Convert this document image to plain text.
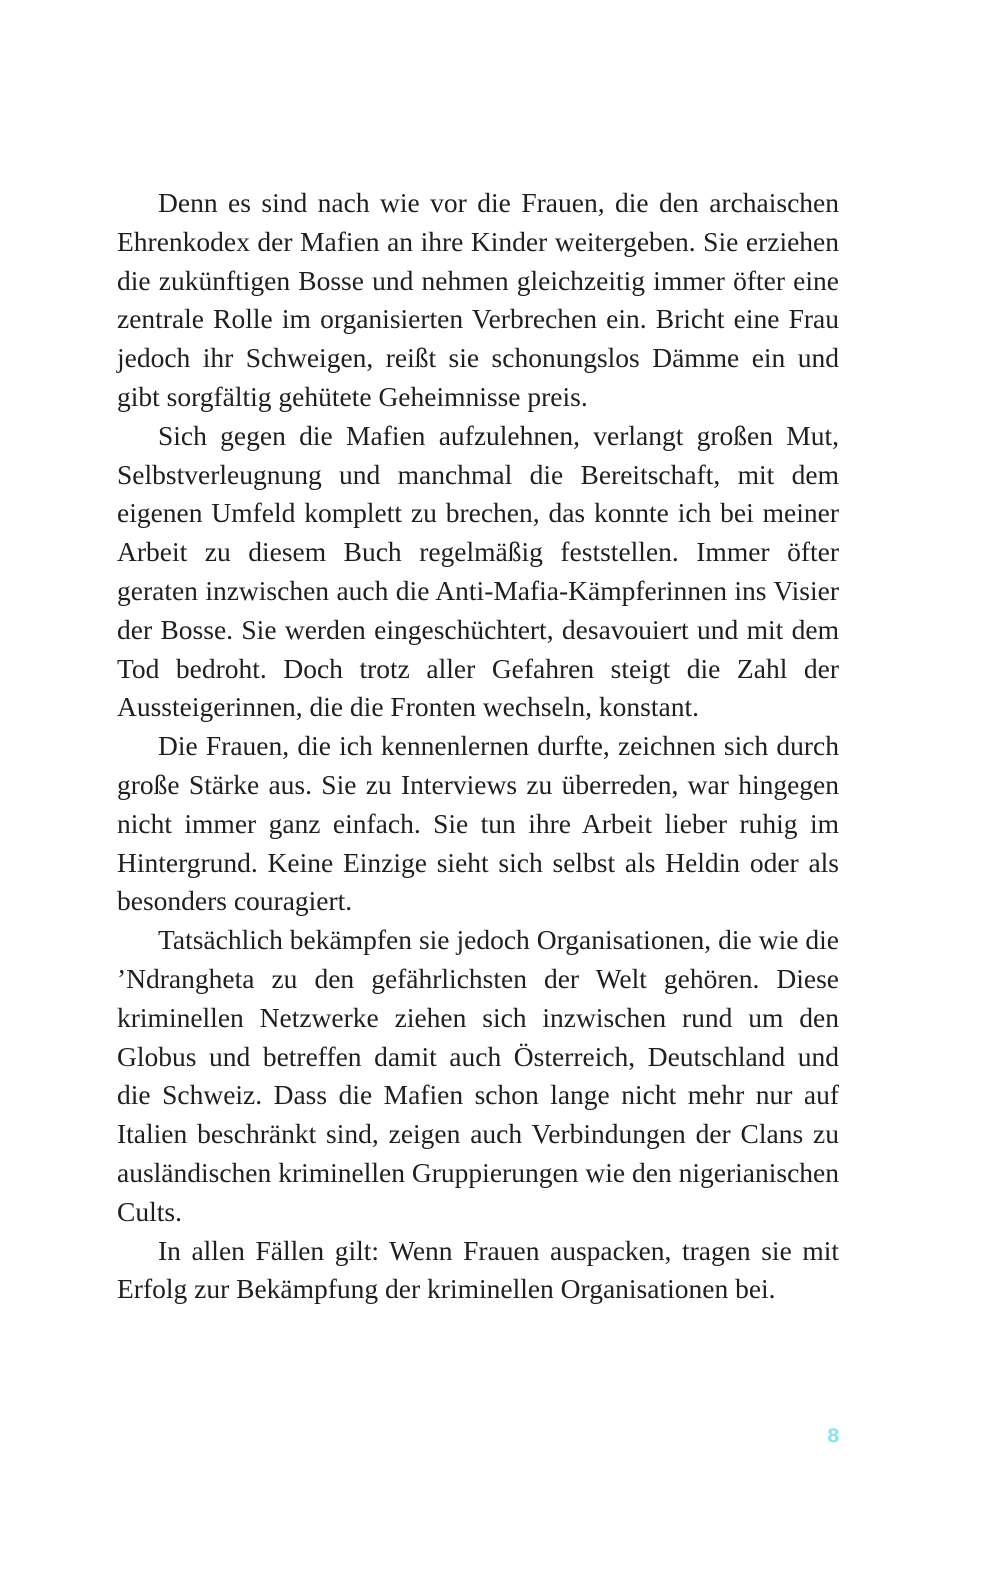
Denn es sind nach wie vor die Frauen, die den archaischen Ehrenkodex der Mafien an ihre Kinder weitergeben. Sie erziehen die zukünftigen Bosse und nehmen gleichzeitig immer öfter eine zentrale Rolle im organisierten Verbrechen ein. Bricht eine Frau jedoch ihr Schweigen, reißt sie schonungslos Dämme ein und gibt sorgfältig gehütete Geheimnisse preis.

Sich gegen die Mafien aufzulehnen, verlangt großen Mut, Selbstverleugnung und manchmal die Bereitschaft, mit dem eigenen Umfeld komplett zu brechen, das konnte ich bei meiner Arbeit zu diesem Buch regelmäßig feststellen. Immer öfter geraten inzwischen auch die Anti-Mafia-Kämpferinnen ins Visier der Bosse. Sie werden eingeschüchtert, desavouiert und mit dem Tod bedroht. Doch trotz aller Gefahren steigt die Zahl der Aussteigerinnen, die die Fronten wechseln, konstant.

Die Frauen, die ich kennenlernen durfte, zeichnen sich durch große Stärke aus. Sie zu Interviews zu überreden, war hingegen nicht immer ganz einfach. Sie tun ihre Arbeit lieber ruhig im Hintergrund. Keine Einzige sieht sich selbst als Heldin oder als besonders couragiert.

Tatsächlich bekämpfen sie jedoch Organisationen, die wie die ’Ndrangheta zu den gefährlichsten der Welt gehören. Diese kriminellen Netzwerke ziehen sich inzwischen rund um den Globus und betreffen damit auch Österreich, Deutschland und die Schweiz. Dass die Mafien schon lange nicht mehr nur auf Italien beschränkt sind, zeigen auch Verbindungen der Clans zu ausländischen kriminellen Gruppierungen wie den nigerianischen Cults.

In allen Fällen gilt: Wenn Frauen auspacken, tragen sie mit Erfolg zur Bekämpfung der kriminellen Organisationen bei.

8
